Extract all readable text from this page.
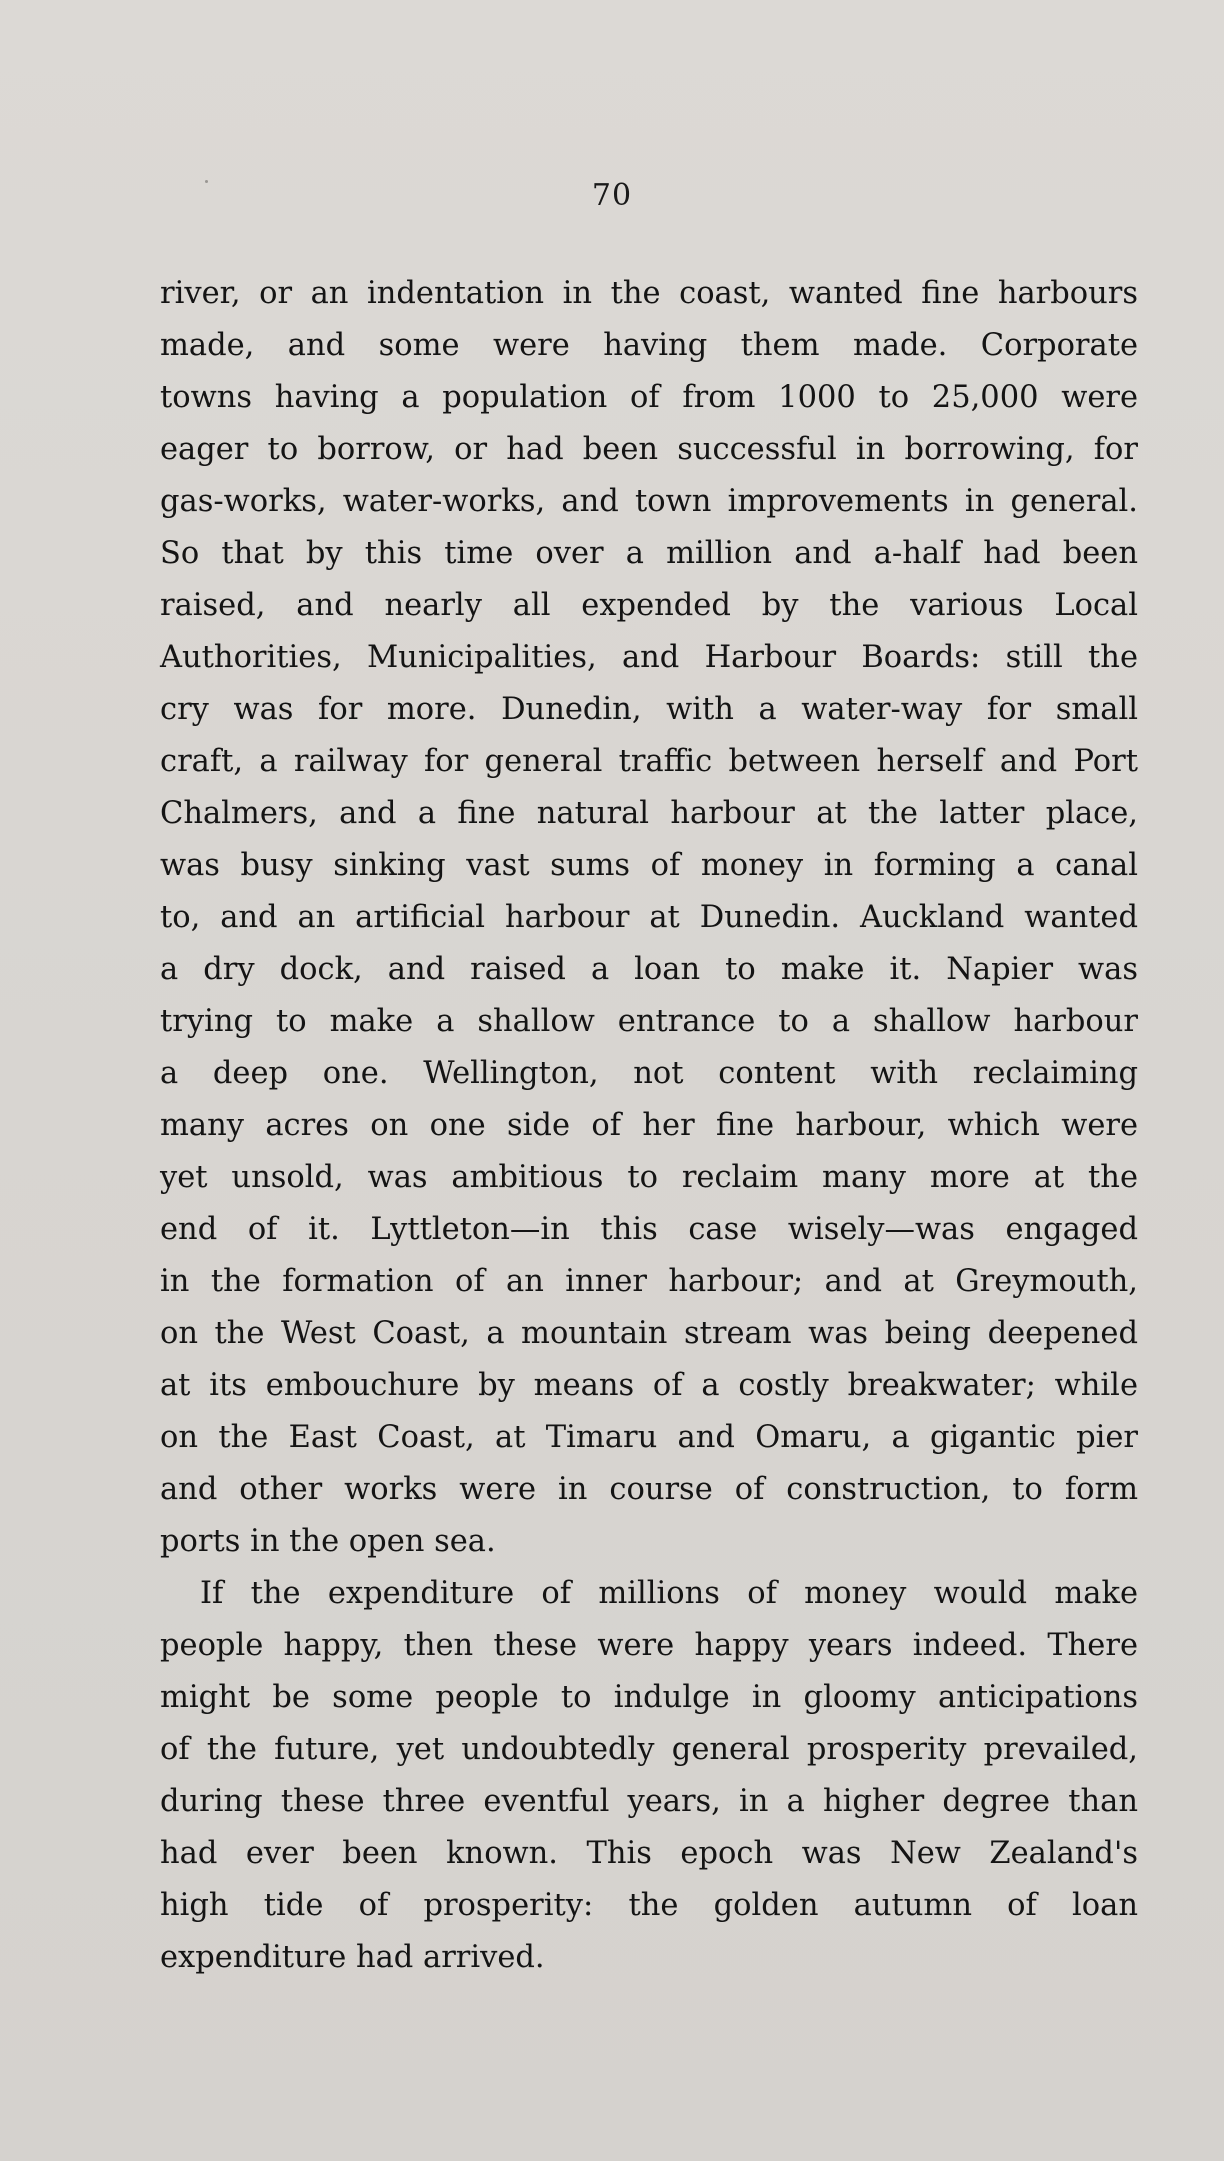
70
river, or an indentation in the coast, wanted fine harbours
made, and some were having them made. Corporate
towns having a population of from 1000 to 25,000 were
eager to borrow, or had been successful in borrowing, for
gas-works, water-works, and town improvements in general.
So that by this time over a million and a-half had been
raised, and nearly all expended by the various Local
Authorities, Municipalities, and Harbour Boards: still the
cry was for more. Dunedin, with a water-way for small
craft, a railway for general traffic between herself and Port
Chalmers, and a fine natural harbour at the latter place,
was busy sinking vast sums of money in forming a canal
to, and an artificial harbour at Dunedin. Auckland wanted
a dry dock, and raised a loan to make it. Napier was
trying to make a shallow entrance to a shallow harbour
a deep one. Wellington, not content with reclaiming
many acres on one side of her fine harbour, which were
yet unsold, was ambitious to reclaim many more at the
end of it. Lyttleton—in this case wisely—was engaged
in the formation of an inner harbour; and at Greymouth,
on the West Coast, a mountain stream was being deepened
at its embouchure by means of a costly breakwater; while
on the East Coast, at Timaru and Omaru, a gigantic pier
and other works were in course of construction, to form
ports in the open sea.
If the expenditure of millions of money would make
people happy, then these were happy years indeed. There
might be some people to indulge in gloomy anticipations
of the future, yet undoubtedly general prosperity prevailed,
during these three eventful years, in a higher degree than
had ever been known. This epoch was New Zealand's
high tide of prosperity: the golden autumn of loan
expenditure had arrived.
